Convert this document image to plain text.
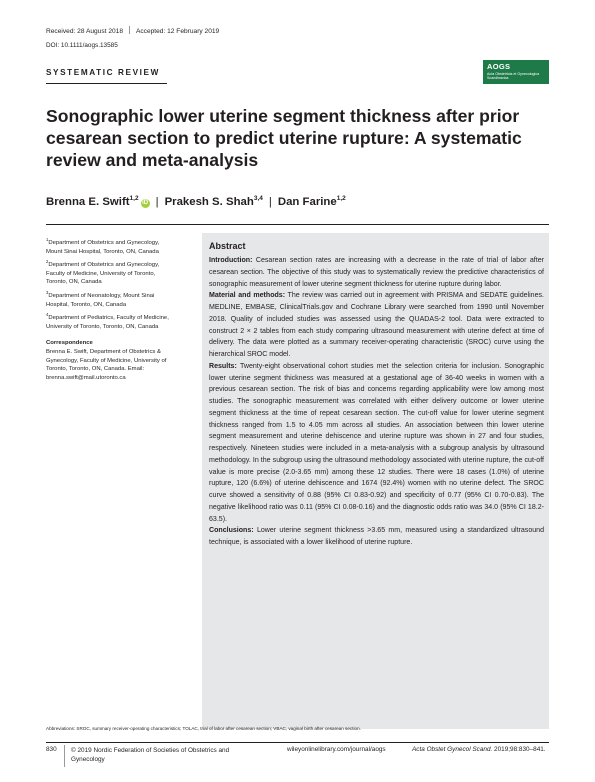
Received: 28 August 2018 Accepted: 12 February 2019
DOI: 10.1111/aogs.13585
SYSTEMATIC REVIEW
AOGS
Acta Obstetricia et Gynecologica Scandinavica
Sonographic lower uterine segment thickness after prior cesarean section to predict uterine rupture: A systematic review and meta-analysis
Brenna E. Swift$^{1,2}$iD | Prakesh S. Shah$^{3,4}$ | Dan Farine$^{1,2}$
$^1$Department of Obstetrics and Gynecology, Mount Sinai Hospital, Toronto, ON, Canada
$^2$Department of Obstetrics and Gynecology, Faculty of Medicine, University of Toronto, Toronto, ON, Canada
$^3$Department of Neonatology, Mount Sinai Hospital, Toronto, ON, Canada
$^4$Department of Pediatrics, Faculty of Medicine, University of Toronto, Toronto, ON, Canada
Correspondence
Brenna E. Swift, Department of Obstetrics & Gynecology, Faculty of Medicine, University of Toronto, Toronto, ON, Canada. Email: brenna.swift@mail.utoronto.ca
Abstract

Introduction: Cesarean section rates are increasing with a decrease in the rate of trial of labor after cesarean section. The objective of this study was to systematically review the predictive characteristics of sonographic measurement of lower uterine segment thickness for uterine rupture during labor.

Material and methods: The review was carried out in agreement with PRISMA and SEDATE guidelines. MEDLINE, EMBASE, ClinicalTrials.gov and Cochrane Library were searched from 1990 until November 2018. Quality of included studies was assessed using the QUADAS-2 tool. Data were extracted to construct 2 × 2 tables from each study comparing ultrasound measurement with uterine defect at time of delivery. The data were plotted as a summary receiver-operating characteristic (SROC) curve using the hierarchical SROC model.

Results: Twenty-eight observational cohort studies met the selection criteria for inclusion. Sonographic lower uterine segment thickness was measured at a gestational age of 36-40 weeks in women with a previous cesarean section. The risk of bias and concerns regarding applicability were low among most studies. The sonographic measurement was correlated with either delivery outcome or lower uterine segment thickness at the time of repeat cesarean section. The cut-off value for lower uterine segment thickness ranged from 1.5 to 4.05 mm across all studies. An association between thin lower uterine segment measurement and uterine dehiscence and uterine rupture was shown in 27 and four studies, respectively. Nineteen studies were included in a meta-analysis with a subgroup analysis by ultrasound methodology. In the subgroup using the ultrasound methodology associated with uterine rupture, the cut-off value is more precise (2.0-3.65 mm) among these 12 studies. There were 18 cases (1.0%) of uterine rupture, 120 (6.6%) of uterine dehiscence and 1674 (92.4%) women with no uterine defect. The SROC curve showed a sensitivity of 0.88 (95% CI 0.83-0.92) and specificity of 0.77 (95% CI 0.70-0.83). The negative likelihood ratio was 0.11 (95% CI 0.08-0.16) and the diagnostic odds ratio was 34.0 (95% CI 18.2-63.5).

Conclusions: Lower uterine segment thickness >3.65 mm, measured using a standardized ultrasound technique, is associated with a lower likelihood of uterine rupture.

Abbreviations: SROC, summary receiver-operating characteristics; TOLAC, trial of labor after cesarean section; VBAC, vaginal birth after cesarean section.
830 © 2019 Nordic Federation of Societies of Obstetrics and Gynecology
wileyonlinelibrary.com/journal/aogs	Acta Obstet Gynecol Scand. 2019;98:830–841.
